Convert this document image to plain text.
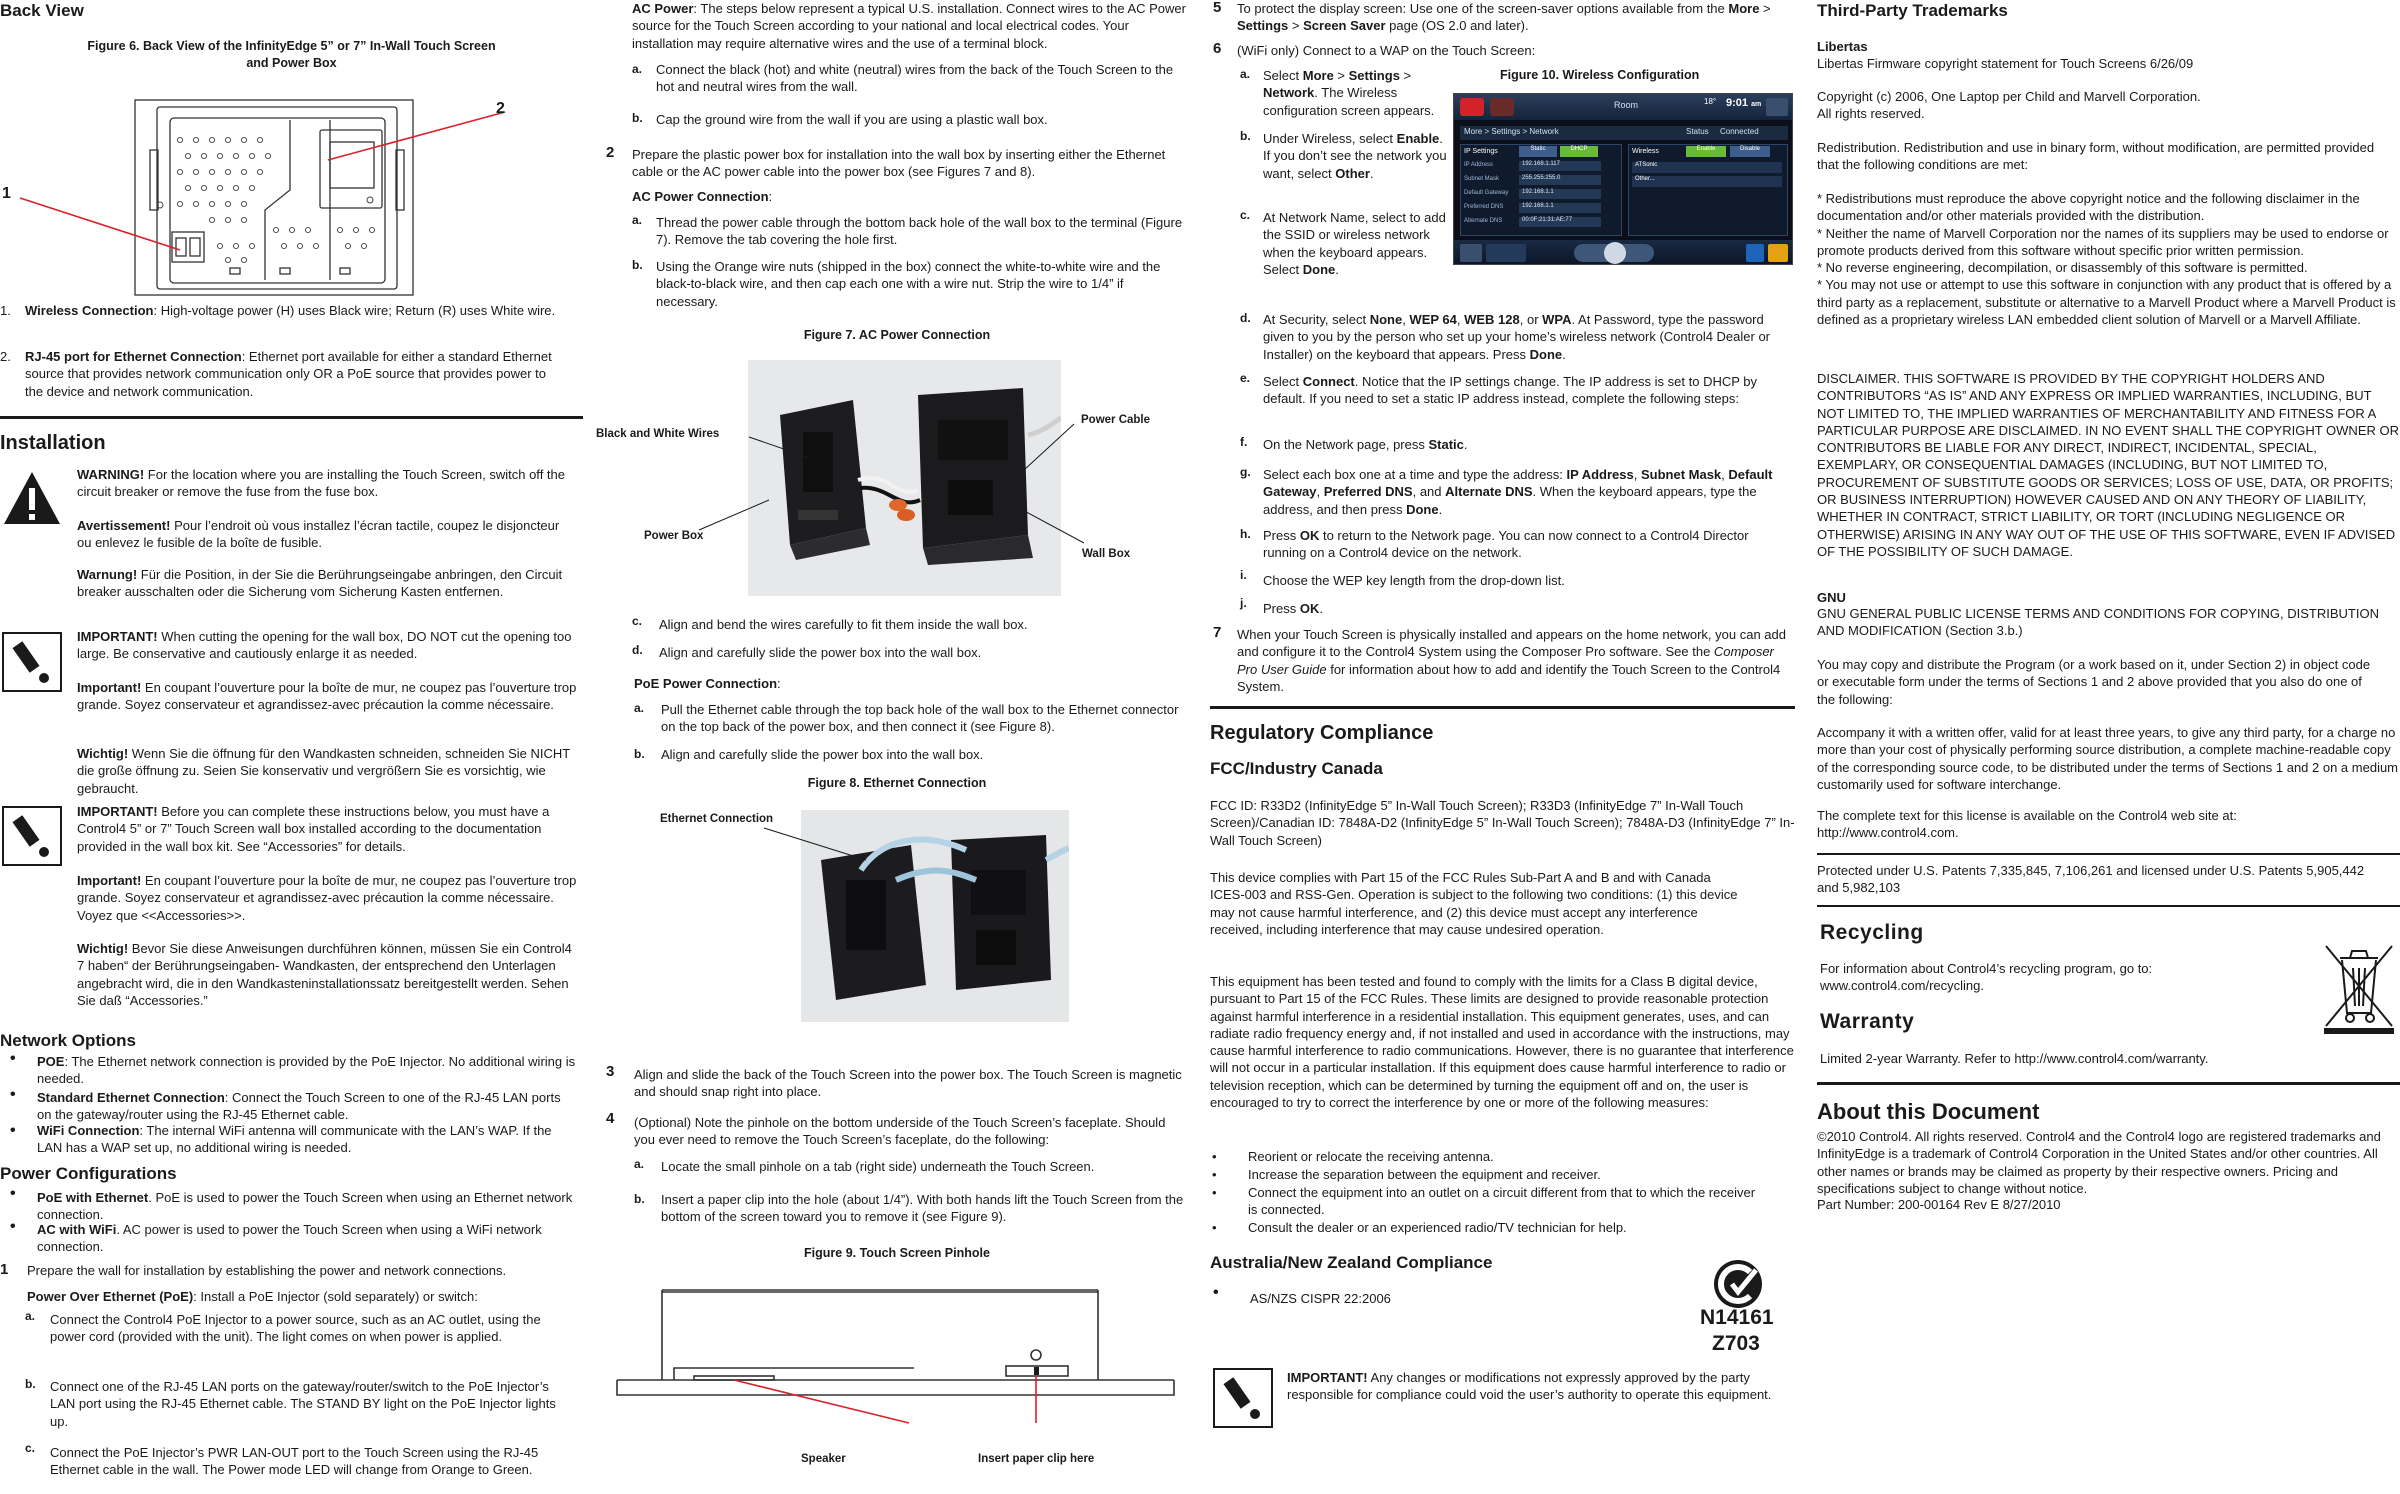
Back View
Figure 6. Back View of the InfinityEdge 5” or 7” In-Wall Touch Screen
and Power Box
1
2
1. Wireless Connection: High-voltage power (H) uses Black wire; Return (R) uses White wire.
2. RJ-45 port for Ethernet Connection: Ethernet port available for either a standard Ethernet source that provides network communication only OR a PoE source that provides power to the device and network communication.
Installation
WARNING! For the location where you are installing the Touch Screen, switch off the circuit breaker or remove the fuse from the fuse box.
Avertissement! Pour l’endroit où vous installez l’écran tactile, coupez le disjoncteur ou enlevez le fusible de la boîte de fusible.
Warnung! Für die Position, in der Sie die Berührungseingabe anbringen, den Circuit breaker ausschalten oder die Sicherung vom Sicherung Kasten entfernen.
IMPORTANT! When cutting the opening for the wall box, DO NOT cut the opening too large. Be conservative and cautiously enlarge it as needed.
Important! En coupant l’ouverture pour la boîte de mur, ne coupez pas l’ouverture trop grande. Soyez conservateur et agrandissez-avec précaution la comme nécessaire.
Wichtig! Wenn Sie die öffnung für den Wandkasten schneiden, schneiden Sie NICHT die große öffnung zu. Seien Sie konservativ und vergrößern Sie es vorsichtig, wie gebraucht.
IMPORTANT! Before you can complete these instructions below, you must have a Control4 5” or 7” Touch Screen wall box installed according to the documentation provided in the wall box kit. See “Accessories” for details.
Important! En coupant l’ouverture pour la boîte de mur, ne coupez pas l’ouverture trop grande. Soyez conservateur et agrandissez-avec précaution la comme nécessaire. Voyez que <<Accessories>>.
Wichtig! Bevor Sie diese Anweisungen durchführen können, müssen Sie ein Control4 7 haben“ der Berührungseingaben- Wandkasten, der entsprechend den Unterlagen angebracht wird, die in den Wandkasteninstallationssatz bereitgestellt werden. Sehen Sie daß “Accessories.”
Network Options
• POE: The Ethernet network connection is provided by the PoE Injector. No additional wiring is needed.
• Standard Ethernet Connection: Connect the Touch Screen to one of the RJ-45 LAN ports on the gateway/router using the RJ-45 Ethernet cable.
• WiFi Connection: The internal WiFi antenna will communicate with the LAN’s WAP. If the LAN has a WAP set up, no additional wiring is needed.
Power Configurations
• PoE with Ethernet. PoE is used to power the Touch Screen when using an Ethernet network connection.
• AC with WiFi. AC power is used to power the Touch Screen when using a WiFi network connection.
1 Prepare the wall for installation by establishing the power and network connections.
Power Over Ethernet (PoE): Install a PoE Injector (sold separately) or switch:
a. Connect the Control4 PoE Injector to a power source, such as an AC outlet, using the power cord (provided with the unit). The light comes on when power is applied.
b. Connect one of the RJ-45 LAN ports on the gateway/router/switch to the PoE Injector’s LAN port using the RJ-45 Ethernet cable. The STAND BY light on the PoE Injector lights up.
c. Connect the PoE Injector’s PWR LAN-OUT port to the Touch Screen using the RJ-45 Ethernet cable in the wall. The Power mode LED will change from Orange to Green.
AC Power: The steps below represent a typical U.S. installation. Connect wires to the AC Power source for the Touch Screen according to your national and local electrical codes. Your installation may require alternative wires and the use of a terminal block.
a. Connect the black (hot) and white (neutral) wires from the back of the Touch Screen to the hot and neutral wires from the wall.
b. Cap the ground wire from the wall if you are using a plastic wall box.
2 Prepare the plastic power box for installation into the wall box by inserting either the Ethernet cable or the AC power cable into the power box (see Figures 7 and 8).
AC Power Connection:
a. Thread the power cable through the bottom back hole of the wall box to the terminal (Figure 7). Remove the tab covering the hole first.
b. Using the Orange wire nuts (shipped in the box) connect the white-to-white wire and the black-to-black wire, and then cap each one with a wire nut. Strip the wire to 1/4” if necessary.
Figure 7. AC Power Connection
Black and White Wires
Power Cable
Power Box
Wall Box
c. Align and bend the wires carefully to fit them inside the wall box.
d. Align and carefully slide the power box into the wall box.
PoE Power Connection:
a. Pull the Ethernet cable through the top back hole of the wall box to the Ethernet connector on the top back of the power box, and then connect it (see Figure 8).
b. Align and carefully slide the power box into the wall box.
Figure 8. Ethernet Connection
Ethernet Connection
3 Align and slide the back of the Touch Screen into the power box. The Touch Screen is magnetic and should snap right into place.
4 (Optional) Note the pinhole on the bottom underside of the Touch Screen’s faceplate. Should you ever need to remove the Touch Screen’s faceplate, do the following:
a. Locate the small pinhole on a tab (right side) underneath the Touch Screen.
b. Insert a paper clip into the hole (about 1/4”). With both hands lift the Touch Screen from the bottom of the screen toward you to remove it (see Figure 9).
Figure 9. Touch Screen Pinhole
Speaker	Insert paper clip here
5 To protect the display screen: Use one of the screen-saver options available from the More > Settings > Screen Saver page (OS 2.0 and later).
6 (WiFi only) Connect to a WAP on the Touch Screen:
Figure 10. Wireless Configuration
Room	18° 9:01 am
More > Settings > Network	Status Connected
IP Settings	Static	DHCP
IP Address
Subnet Mask
Default Gateway
Preferred DNS
Alternate DNS
192.168.1.117
255.255.255.0
192.168.1.1
192.168.1.1
00:0F:21:31:AE:77
Wireless	Enable	Disable
ATSonic
Other...
a. Select More > Settings > Network. The Wireless configuration screen appears.
b. Under Wireless, select Enable. If you don’t see the network you want, select Other.
c. At Network Name, select to add the SSID or wireless network when the keyboard appears. Select Done.
d. At Security, select None, WEP 64, WEB 128, or WPA. At Password, type the password given to you by the person who set up your home’s wireless network (Control4 Dealer or Installer) on the keyboard that appears. Press Done.
e. Select Connect. Notice that the IP settings change. The IP address is set to DHCP by default. If you need to set a static IP address instead, complete the following steps:
f. On the Network page, press Static.
g. Select each box one at a time and type the address: IP Address, Subnet Mask, Default Gateway, Preferred DNS, and Alternate DNS. When the keyboard appears, type the address, and then press Done.
h. Press OK to return to the Network page. You can now connect to a Control4 Director running on a Control4 device on the network.
i. Choose the WEP key length from the drop-down list.
j. Press OK.
7 When your Touch Screen is physically installed and appears on the home network, you can add and configure it to the Control4 System using the Composer Pro software. See the Composer Pro User Guide for information about how to add and identify the Touch Screen to the Control4 System.
Regulatory Compliance
FCC/Industry Canada
FCC ID: R33D2 (InfinityEdge 5” In-Wall Touch Screen); R33D3 (InfinityEdge 7” In-Wall Touch Screen)/Canadian ID: 7848A-D2 (InfinityEdge 5” In-Wall Touch Screen); 7848A-D3 (InfinityEdge 7” In-Wall Touch Screen)
This device complies with Part 15 of the FCC Rules Sub-Part A and B and with Canada ICES-003 and RSS-Gen. Operation is subject to the following two conditions: (1) this device may not cause harmful interference, and (2) this device must accept any interference received, including interference that may cause undesired operation.
This equipment has been tested and found to comply with the limits for a Class B digital device, pursuant to Part 15 of the FCC Rules. These limits are designed to provide reasonable protection against harmful interference in a residential installation. This equipment generates, uses, and can radiate radio frequency energy and, if not installed and used in accordance with the instructions, may cause harmful interference to radio communications. However, there is no guarantee that interference will not occur in a particular installation. If this equipment does cause harmful interference to radio or television reception, which can be determined by turning the equipment off and on, the user is encouraged to try to correct the interference by one or more of the following measures:
• Reorient or relocate the receiving antenna.
• Increase the separation between the equipment and receiver.
• Connect the equipment into an outlet on a circuit different from that to which the receiver is connected.
• Consult the dealer or an experienced radio/TV technician for help.
Australia/New Zealand Compliance
• AS/NZS CISPR 22:2006
N14161
Z703
IMPORTANT! Any changes or modifications not expressly approved by the party responsible for compliance could void the user’s authority to operate this equipment.
Third-Party Trademarks
Libertas
Libertas Firmware copyright statement for Touch Screens 6/26/09
Copyright (c) 2006, One Laptop per Child and Marvell Corporation.
All rights reserved.
Redistribution. Redistribution and use in binary form, without modification, are permitted provided that the following conditions are met:
* Redistributions must reproduce the above copyright notice and the following disclaimer in the documentation and/or other materials provided with the distribution.
* Neither the name of Marvell Corporation nor the names of its suppliers may be used to endorse or promote products derived from this software without specific prior written permission.
* No reverse engineering, decompilation, or disassembly of this software is permitted.
* You may not use or attempt to use this software in conjunction with any product that is offered by a third party as a replacement, substitute or alternative to a Marvell Product where a Marvell Product is defined as a proprietary wireless LAN embedded client solution of Marvell or a Marvell Affiliate.
DISCLAIMER. THIS SOFTWARE IS PROVIDED BY THE COPYRIGHT HOLDERS AND CONTRIBUTORS “AS IS” AND ANY EXPRESS OR IMPLIED WARRANTIES, INCLUDING, BUT NOT LIMITED TO, THE IMPLIED WARRANTIES OF MERCHANTABILITY AND FITNESS FOR A PARTICULAR PURPOSE ARE DISCLAIMED. IN NO EVENT SHALL THE COPYRIGHT OWNER OR CONTRIBUTORS BE LIABLE FOR ANY DIRECT, INDIRECT, INCIDENTAL, SPECIAL, EXEMPLARY, OR CONSEQUENTIAL DAMAGES (INCLUDING, BUT NOT LIMITED TO, PROCUREMENT OF SUBSTITUTE GOODS OR SERVICES; LOSS OF USE, DATA, OR PROFITS; OR BUSINESS INTERRUPTION) HOWEVER CAUSED AND ON ANY THEORY OF LIABILITY, WHETHER IN CONTRACT, STRICT LIABILITY, OR TORT (INCLUDING NEGLIGENCE OR OTHERWISE) ARISING IN ANY WAY OUT OF THE USE OF THIS SOFTWARE, EVEN IF ADVISED OF THE POSSIBILITY OF SUCH DAMAGE.
GNU
GNU GENERAL PUBLIC LICENSE TERMS AND CONDITIONS FOR COPYING, DISTRIBUTION AND MODIFICATION (Section 3.b.)
You may copy and distribute the Program (or a work based on it, under Section 2) in object code or executable form under the terms of Sections 1 and 2 above provided that you also do one of the following:
Accompany it with a written offer, valid for at least three years, to give any third party, for a charge no more than your cost of physically performing source distribution, a complete machine-readable copy of the corresponding source code, to be distributed under the terms of Sections 1 and 2 on a medium customarily used for software interchange.
The complete text for this license is available on the Control4 web site at: http://www.control4.com.
Protected under U.S. Patents 7,335,845, 7,106,261 and licensed under U.S. Patents 5,905,442 and 5,982,103
Recycling
For information about Control4’s recycling program, go to: www.control4.com/recycling.
Warranty
Limited 2-year Warranty. Refer to http://www.control4.com/warranty.
About this Document
©2010 Control4. All rights reserved. Control4 and the Control4 logo are registered trademarks and InfinityEdge is a trademark of Control4 Corporation in the United States and/or other countries. All other names or brands may be claimed as property by their respective owners. Pricing and specifications subject to change without notice.
Part Number: 200-00164 Rev E 8/27/2010
